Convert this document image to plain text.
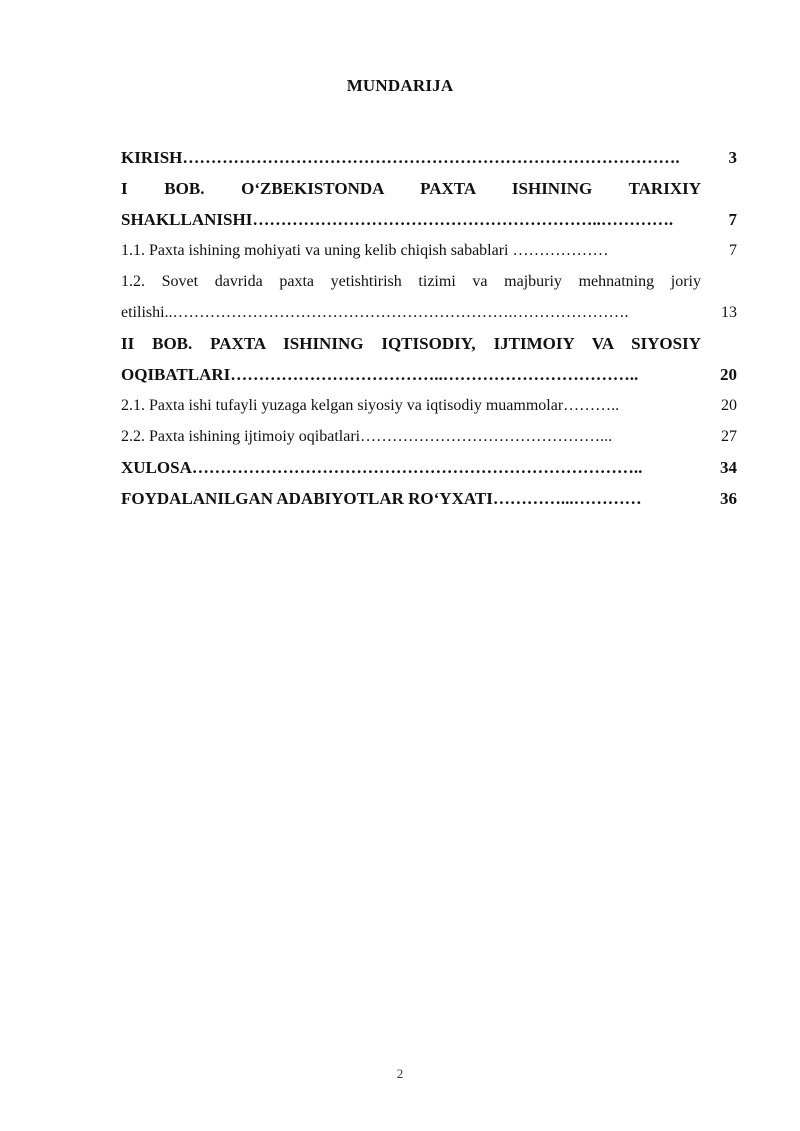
MUNDARIJA
KIRISH…………………………………………………………………………….	3
I BOB. O‘ZBEKISTONDA PAXTA ISHINING TARIXIY
SHAKLLANISHI……………………………………………………..………….	7
1.1. Paxta ishining mohiyati va uning kelib chiqish sabablari ………………	7
1.2. Sovet davrida paxta yetishtirish tizimi va majburiy mehnatning joriy
etilishi..……………………………………………………….………………….	13
II BOB. PAXTA ISHINING IQTISODIY, IJTIMOIY VA SIYOSIY
OQIBATLARI………………………………..……………………………..	20
2.1. Paxta ishi tufayli yuzaga kelgan siyosiy va iqtisodiy muammolar………..	20
2.2. Paxta ishining ijtimoiy oqibatlari………………………………………...	27
XULOSA……………………………………………………………………..	34
FOYDALANILGAN ADABIYOTLAR RO‘YXATI…………...…………	36
2
